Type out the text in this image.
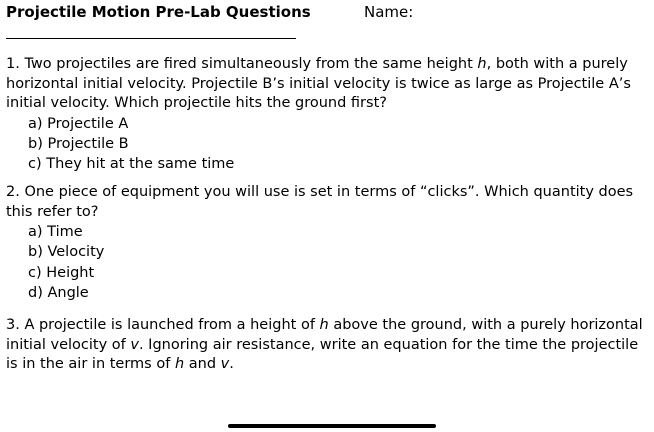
Projectile Motion Pre-Lab Questions	Name:

1. Two projectiles are fired simultaneously from the same height h, both with a purely horizontal initial velocity. Projectile B’s initial velocity is twice as large as Projectile A’s initial velocity. Which projectile hits the ground first?

a) Projectile A
b) Projectile B
c) They hit at the same time

2. One piece of equipment you will use is set in terms of “clicks”. Which quantity does this refer to?

a) Time
b) Velocity
c) Height
d) Angle

3. A projectile is launched from a height of h above the ground, with a purely horizontal initial velocity of v. Ignoring air resistance, write an equation for the time the projectile is in the air in terms of h and v.
